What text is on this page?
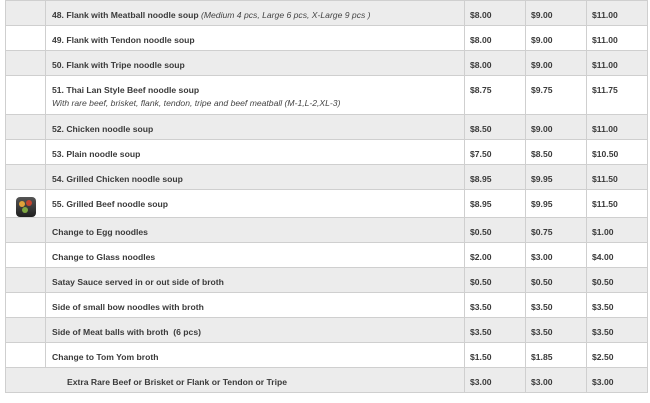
	48. Flank with Meatball noodle soup (Medium 4 pcs, Large 6 pcs, X-Large 9 pcs )	$8.00	$9.00	$11.00

	49. Flank with Tendon noodle soup	$8.00	$9.00	$11.00

	50. Flank with Tripe noodle soup	$8.00	$9.00	$11.00

	51. Thai Lan Style Beef noodle soup
With rare beef, brisket, flank, tendon, tripe and beef meatball (M-1,L-2,XL-3)	$8.75	$9.75	$11.75

	52. Chicken noodle soup	$8.50	$9.00	$11.00

	53. Plain noodle soup	$7.50	$8.50	$10.50

	54. Grilled Chicken noodle soup	$8.95	$9.95	$11.50

	55. Grilled Beef noodle soup	$8.95	$9.95	$11.50

	Change to Egg noodles	$0.50	$0.75	$1.00

	Change to Glass noodles	$2.00	$3.00	$4.00

	Satay Sauce served in or out side of broth	$0.50	$0.50	$0.50

	Side of small bow noodles with broth	$3.50	$3.50	$3.50

	Side of Meat balls with broth  (6 pcs)	$3.50	$3.50	$3.50

	Change to Tom Yom broth	$1.50	$1.85	$2.50

Extra Rare Beef or Brisket or Flank or Tendon or Tripe		$3.00	$3.00	$3.00
